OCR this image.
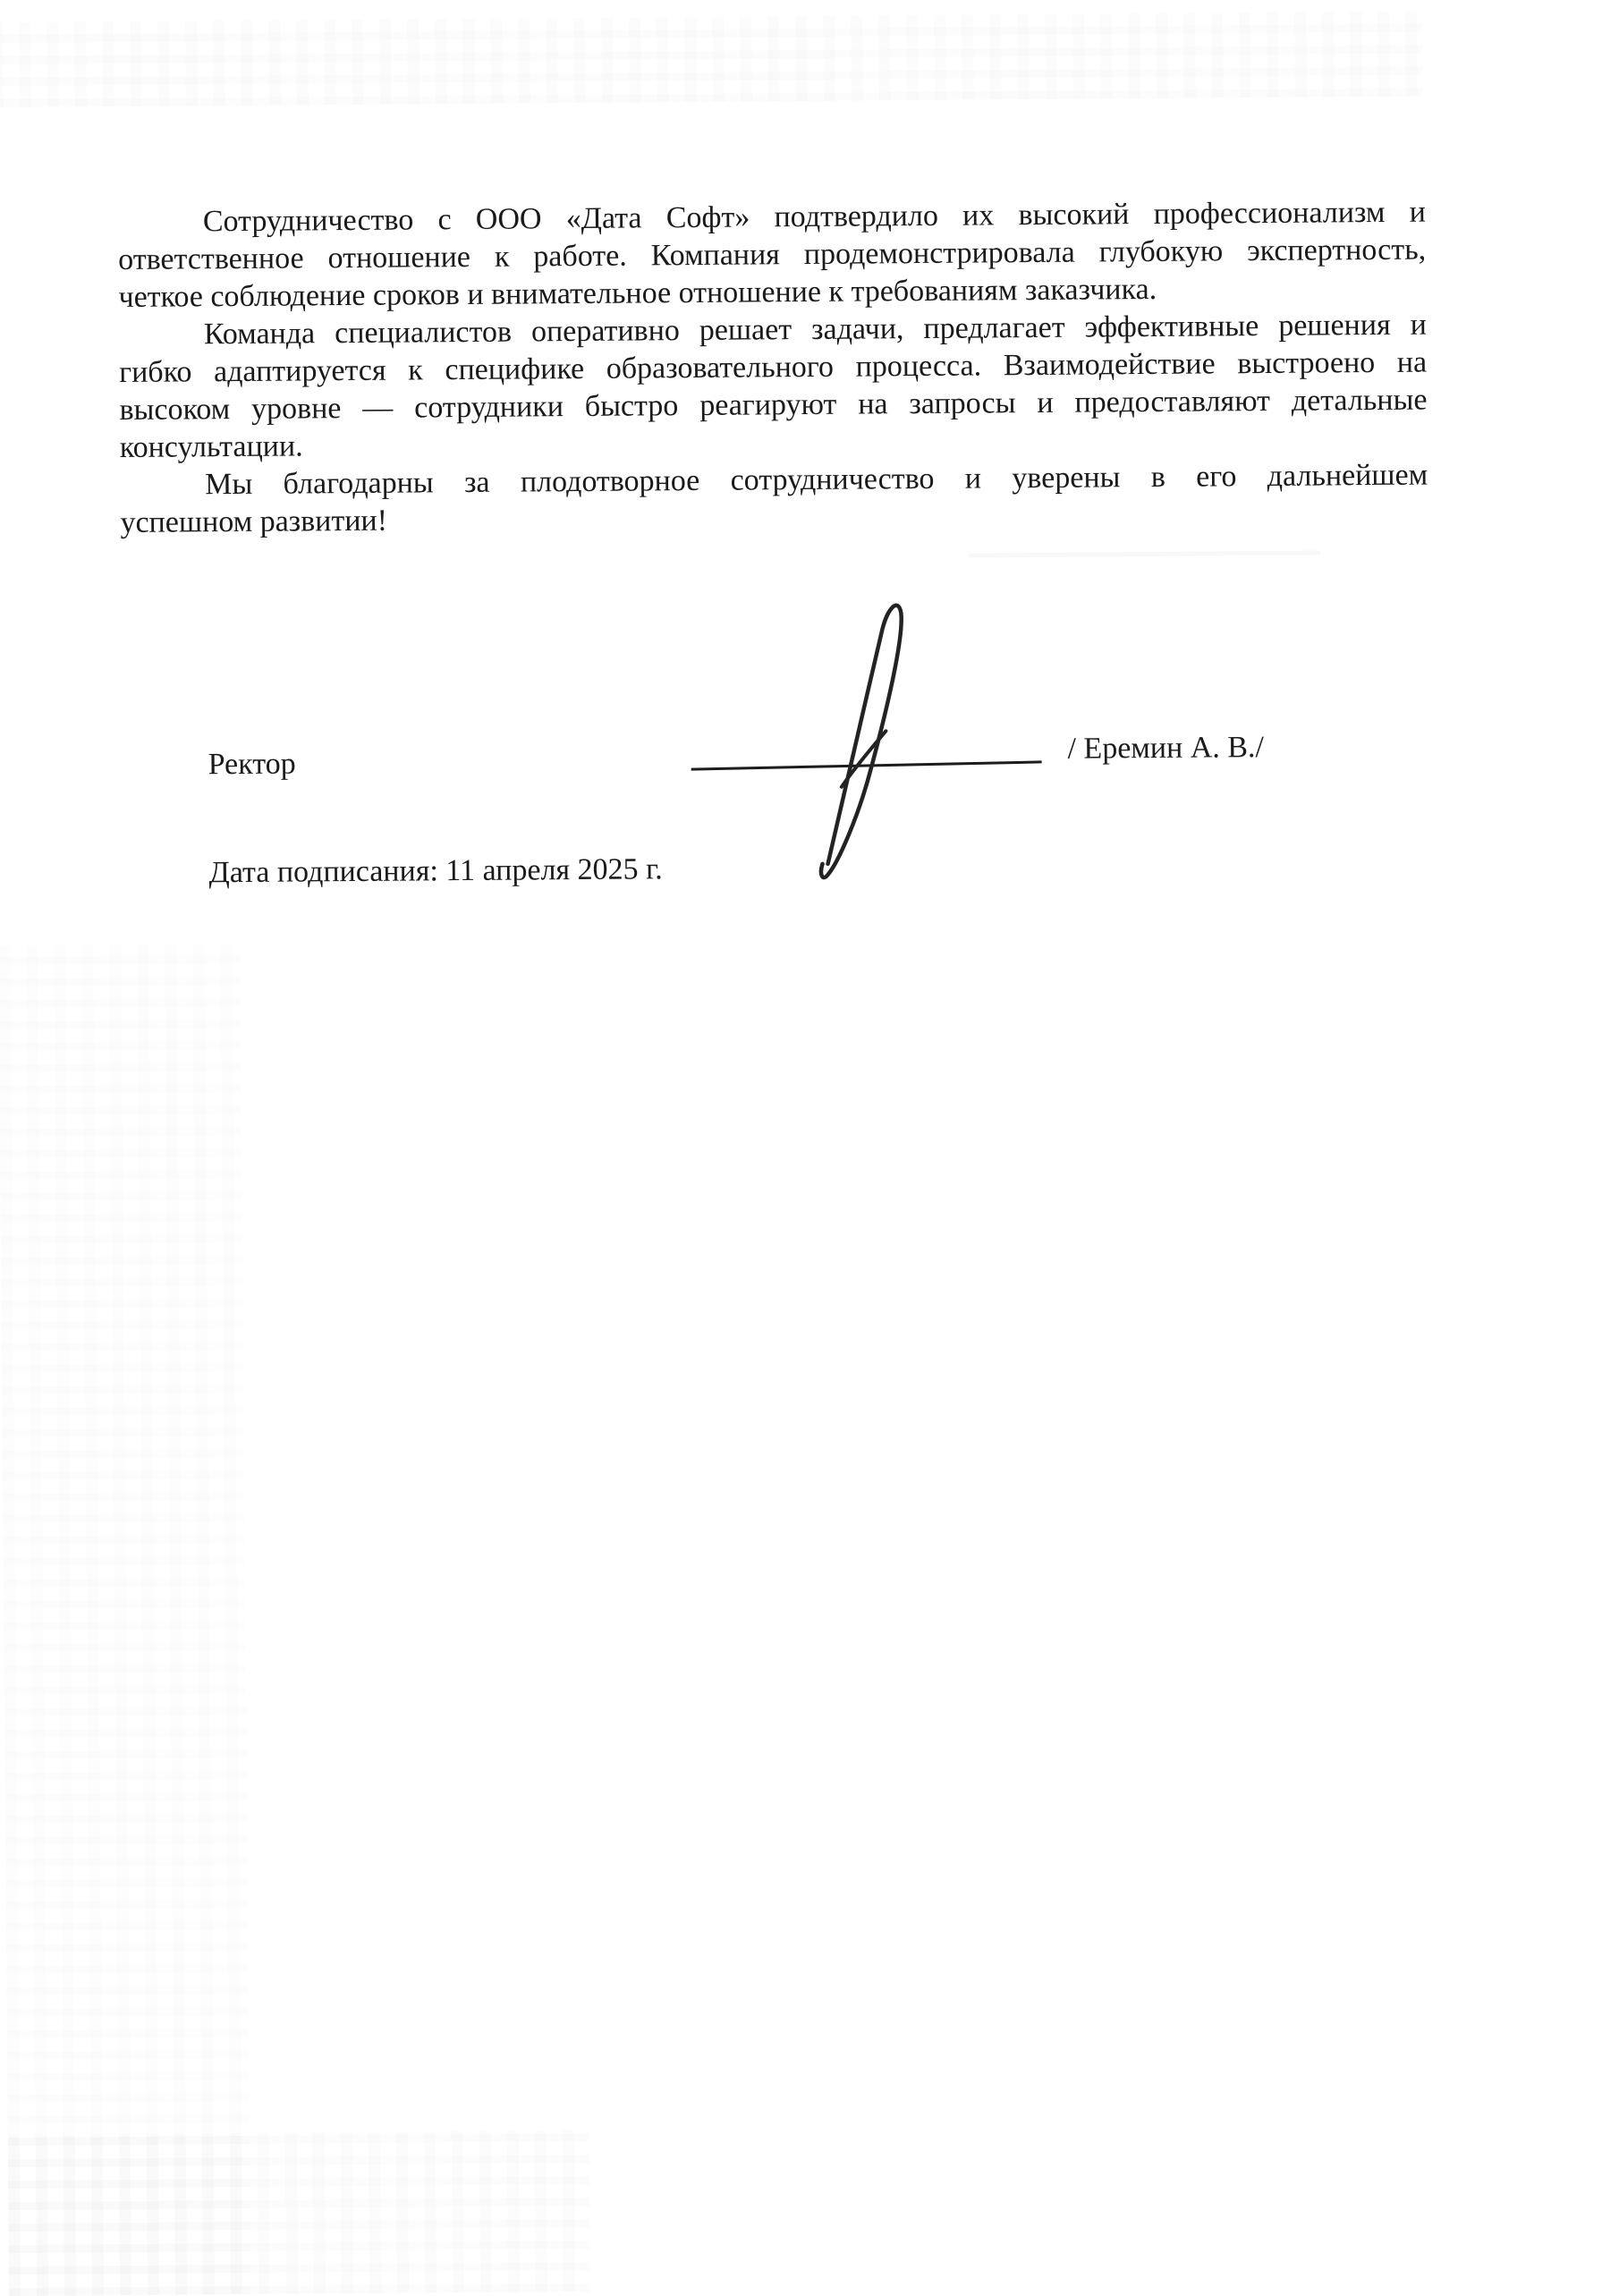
Сотрудничество с ООО «Дата Софт» подтвердило их высокий профессионализм и
ответственное отношение к работе. Компания продемонстрировала глубокую экспертность,
четкое соблюдение сроков и внимательное отношение к требованиям заказчика.
Команда специалистов оперативно решает задачи, предлагает эффективные решения и
гибко адаптируется к специфике образовательного процесса. Взаимодействие выстроено на
высоком уровне — сотрудники быстро реагируют на запросы и предоставляют детальные
консультации.
Мы благодарны за плодотворное сотрудничество и уверены в его дальнейшем
успешном развитии!
Ректор	/ Еремин А. В./
Дата подписания: 11 апреля 2025 г.
